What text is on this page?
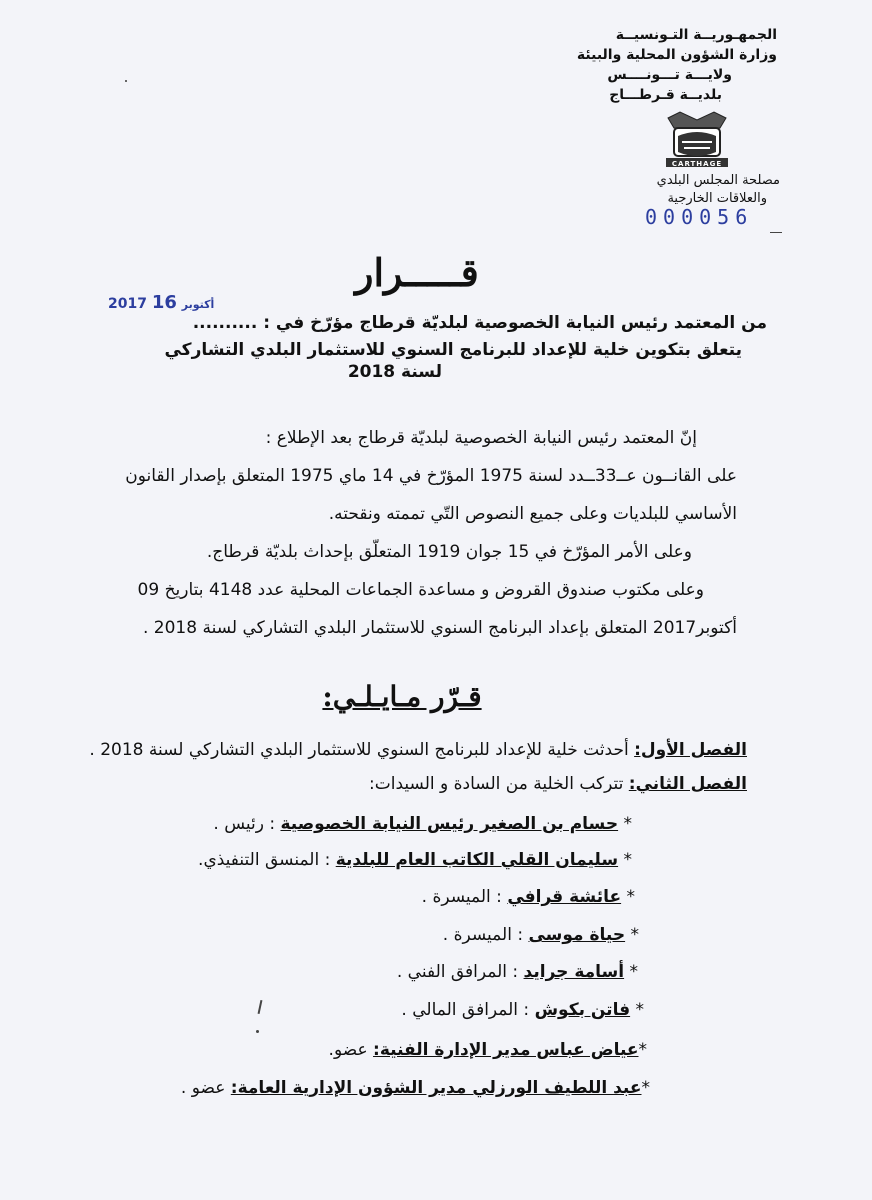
الجمهـوريــة التـونسيــة
وزارة الشؤون المحلية والبيئة
ولايـــة تـــونــــس
بلديــة قـرطـــاج
CARTHAGE
مصلحة المجلس البلدي
والعلاقات الخارجية
000056
قـــــرار
2017	أكتوبر 16
من المعتمد رئيس النيابة الخصوصية لبلديّة قرطاج مؤرّخ في : ..........
يتعلق بتكوين خلية للإعداد للبرنامج السنوي للاستثمار البلدي التشاركي
لسنة 2018
إنّ المعتمد رئيس النيابة الخصوصية لبلديّة قرطاج بعد الإطلاع :
على القانــون عــ33ــدد لسنة 1975 المؤرّخ في 14 ماي 1975 المتعلق بإصدار القانون
الأساسي للبلديات وعلى جميع النصوص التّي تممته ونقحته.
وعلى الأمر المؤرّخ في 15 جوان 1919 المتعلّق بإحداث بلديّة قرطاج.
وعلى مكتوب صندوق القروض و مساعدة الجماعات المحلية عدد 4148 بتاريخ 09
أكتوبر2017 المتعلق بإعداد البرنامج السنوي للاستثمار البلدي التشاركي لسنة 2018 .
قـرّر مـايـلـي:
الفصل الأول: أحدثت خلية للإعداد للبرنامج السنوي للاستثمار البلدي التشاركي لسنة 2018 .
الفصل الثاني: تتركب الخلية من السادة و السيدات:
* حسام بن الصغير رئيس النيابة الخصوصية : رئيس .
* سليمان القلي الكاتب العام للبلدية : المنسق التنفيذي.
* عائشة قرافي : الميسرة .
* حياة موسى : الميسرة .
* أسامة جرايد : المرافق الفني .
* فاتن بكوش : المرافق المالي .
*عياض عباس مدير الإدارة الفنية: عضو.
*عبد اللطيف الورزلي مدير الشؤون الإدارية العامة: عضو .
